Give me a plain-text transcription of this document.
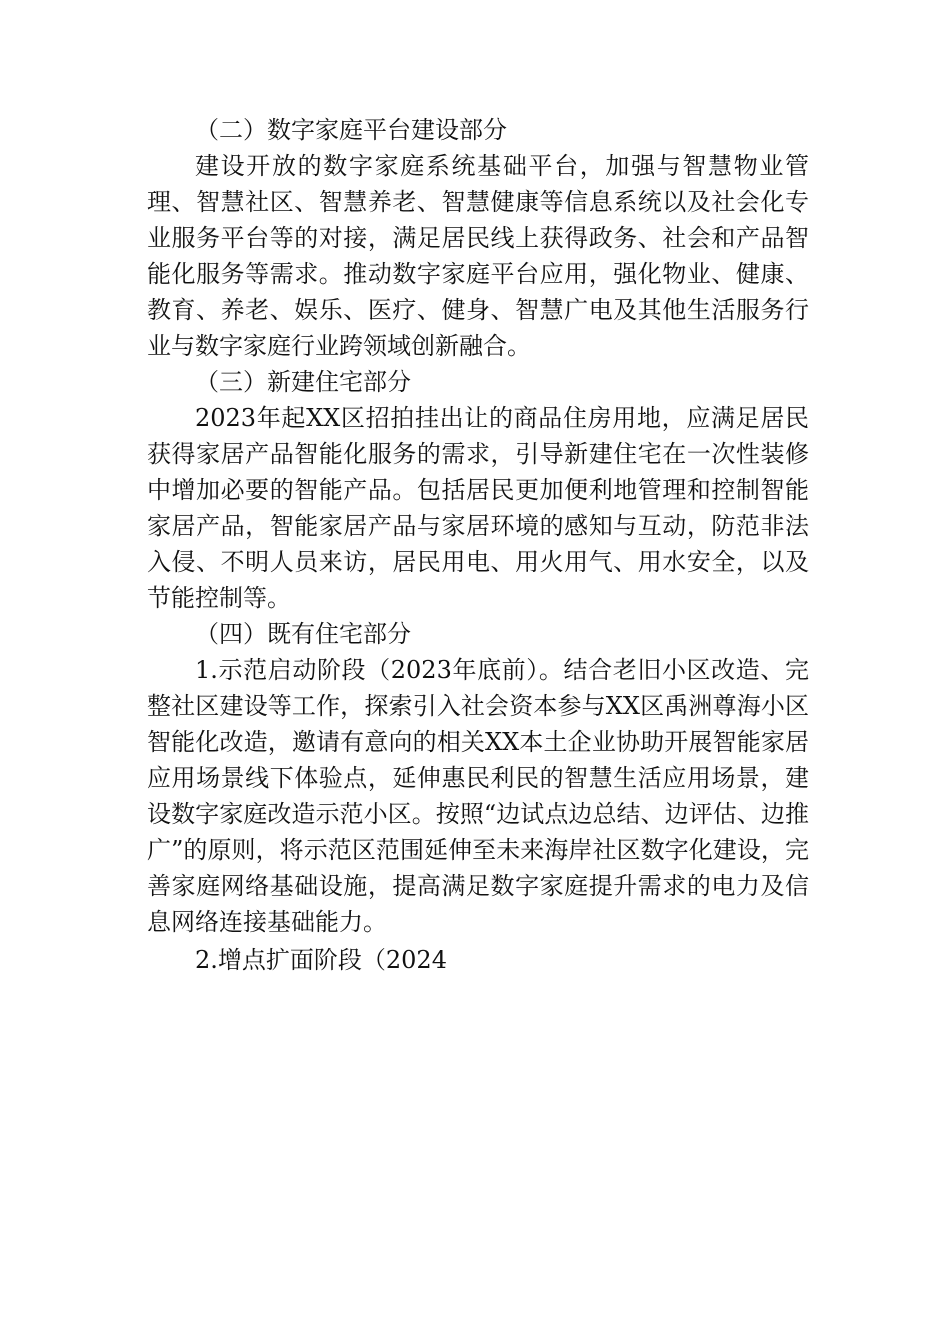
（二）数字家庭平台建设部分

建设开放的数字家庭系统基础平台，加强与智慧物业管理、智慧社区、智慧养老、智慧健康等信息系统以及社会化专业服务平台等的对接，满足居民线上获得政务、社会和产品智能化服务等需求。推动数字家庭平台应用，强化物业、健康、教育、养老、娱乐、医疗、健身、智慧广电及其他生活服务行业与数字家庭行业跨领域创新融合。

（三）新建住宅部分

2023年起XX区招拍挂出让的商品住房用地，应满足居民获得家居产品智能化服务的需求，引导新建住宅在一次性装修中增加必要的智能产品。包括居民更加便利地管理和控制智能家居产品，智能家居产品与家居环境的感知与互动，防范非法入侵、不明人员来访，居民用电、用火用气、用水安全，以及节能控制等。

（四）既有住宅部分

1.示范启动阶段（2023年底前）。结合老旧小区改造、完整社区建设等工作，探索引入社会资本参与XX区禹洲尊海小区智能化改造，邀请有意向的相关XX本土企业协助开展智能家居应用场景线下体验点，延伸惠民利民的智慧生活应用场景，建设数字家庭改造示范小区。按照“边试点边总结、边评估、边推广”的原则，将示范区范围延伸至未来海岸社区数字化建设，完善家庭网络基础设施，提高满足数字家庭提升需求的电力及信息网络连接基础能力。

2.增点扩面阶段（2024
